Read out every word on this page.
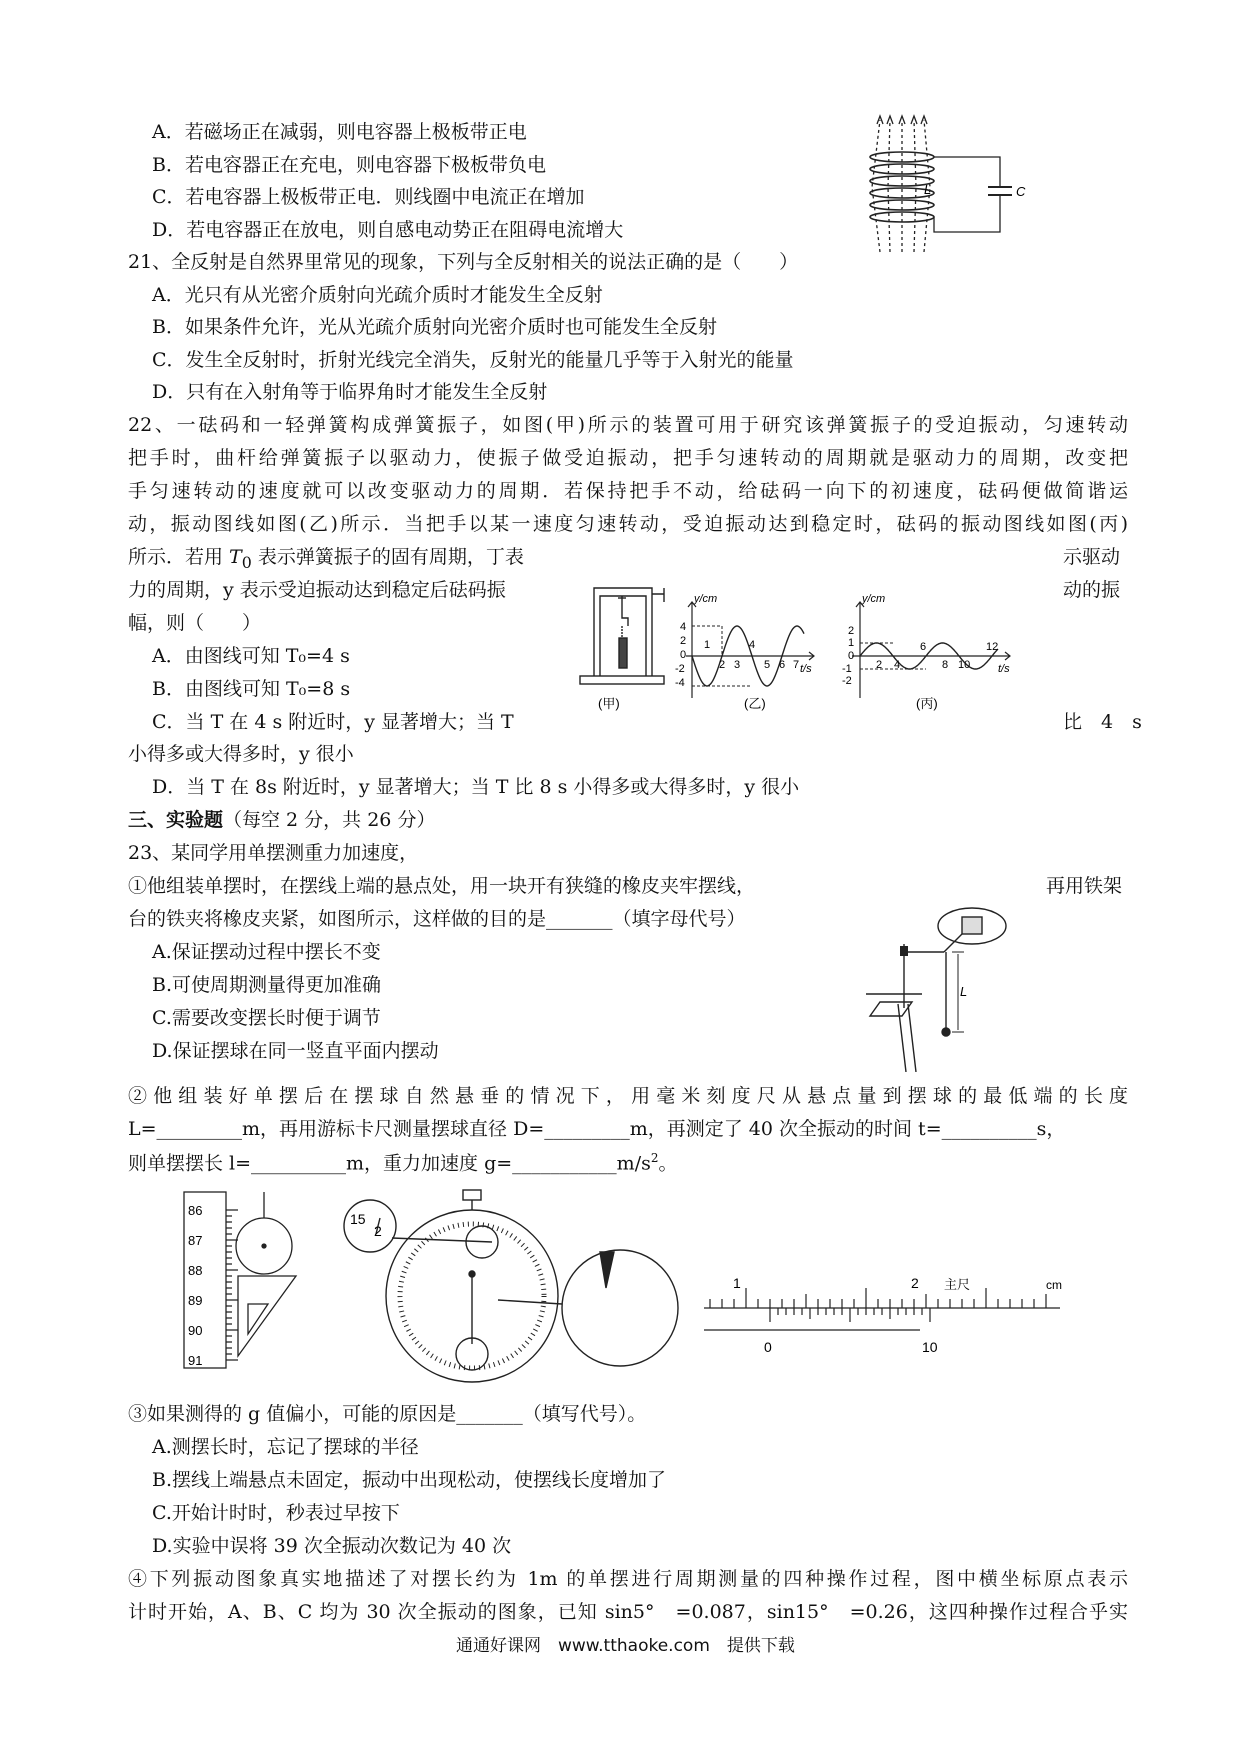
A．若磁场正在减弱，则电容器上极板带正电
B．若电容器正在充电，则电容器下极板带负电
C．若电容器上极板带正电．则线圈中电流正在增加
D．若电容器正在放电，则自感电动势正在阻碍电流增大
L	C
21、全反射是自然界里常见的现象，下列与全反射相关的说法正确的是（　　）
A．光只有从光密介质射向光疏介质时才能发生全反射
B．如果条件允许，光从光疏介质射向光密介质时也可能发生全反射
C．发生全反射时，折射光线完全消失，反射光的能量几乎等于入射光的能量
D．只有在入射角等于临界角时才能发生全反射
22、一砝码和一轻弹簧构成弹簧振子，如图(甲)所示的装置可用于研究该弹簧振子的受迫振动，匀速转动
把手时，曲杆给弹簧振子以驱动力，使振子做受迫振动，把手匀速转动的周期就是驱动力的周期，改变把
手匀速转动的速度就可以改变驱动力的周期．若保持把手不动，给砝码一向下的初速度，砝码便做简谐运
动，振动图线如图(乙)所示．当把手以某一速度匀速转动，受迫振动达到稳定时，砝码的振动图线如图(丙)
所示．若用 $T_0$ 表示弹簧振子的固有周期，丁表	示驱动
力的周期，y 表示受迫振动达到稳定后砝码振	动的振
幅，则（　　）
A．由图线可知 T₀=4 s
B．由图线可知 T₀=8 s
C．当 T 在 4 s 附近时，y 显著增大；当 T	比　4　s
小得多或大得多时，y 很小
D．当 T 在 8s 附近时，y 显著增大；当 T 比 8 s 小得多或大得多时，y 很小
(甲)
y/cm
t/s
4
2
0
-2
-4
1
2 3
4
5 6 7
(乙)
y/cm
t/s
2
1
0
-1
-2
2 4
6
8 10
12
(丙)
三、实验题（每空 2 分，共 26 分）
23、某同学用单摆测重力加速度，
①他组装单摆时，在摆线上端的悬点处，用一块开有狭缝的橡皮夹牢摆线，	再用铁架
台的铁夹将橡皮夹紧，如图所示，这样做的目的是_______（填字母代号）
A.保证摆动过程中摆长不变
B.可使周期测量得更加准确
C.需要改变摆长时便于调节
D.保证摆球在同一竖直平面内摆动
L
②他组装好单摆后在摆球自然悬垂的情况下，用毫米刻度尺从悬点量到摆球的最低端的长度
L=_________m，再用游标卡尺测量摆球直径 D=_________m，再测定了 40 次全振动的时间 t=__________s，
则单摆摆长 l=__________m，重力加速度 $g=\_\_\_\_\_\_\_\_\_\_\_m/s^2$。
86
87
88
89
90
91
15
2
1	2 主尺	cm
0	10
③如果测得的 g 值偏小，可能的原因是_______（填写代号）。
A.测摆长时，忘记了摆球的半径
B.摆线上端悬点未固定，振动中出现松动，使摆线长度增加了
C.开始计时时，秒表过早按下
D.实验中误将 39 次全振动次数记为 40 次
④下列振动图象真实地描述了对摆长约为 1m 的单摆进行周期测量的四种操作过程，图中横坐标原点表示
计时开始，A、B、C 均为 30 次全振动的图象，已知 sin5°　=0.087，sin15°　=0.26，这四种操作过程合乎实
通通好课网　www.tthaoke.com　提供下载
